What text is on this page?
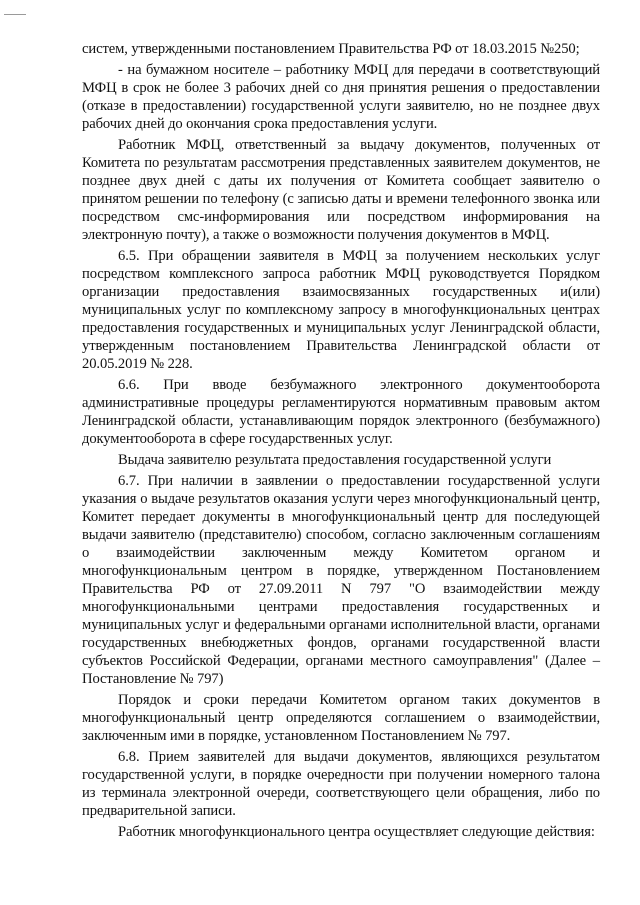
систем, утвержденными постановлением Правительства РФ от 18.03.2015 №250;

- на бумажном носителе – работнику МФЦ для передачи в соответствующий МФЦ в срок не более 3 рабочих дней со дня принятия решения о предоставлении (отказе в предоставлении) государственной услуги заявителю, но не позднее двух рабочих дней до окончания срока предоставления услуги.

Работник МФЦ, ответственный за выдачу документов, полученных от Комитета по результатам рассмотрения представленных заявителем документов, не позднее двух дней с даты их получения от Комитета сообщает заявителю о принятом решении по телефону (с записью даты и времени телефонного звонка или посредством смс-информирования или посредством информирования на электронную почту), а также о возможности получения документов в МФЦ.

6.5. При обращении заявителя в МФЦ за получением нескольких услуг посредством комплексного запроса работник МФЦ руководствуется Порядком организации предоставления взаимосвязанных государственных и(или) муниципальных услуг по комплексному запросу в многофункциональных центрах предоставления государственных и муниципальных услуг Ленинградской области, утвержденным постановлением Правительства Ленинградской области от 20.05.2019 № 228.

6.6. При вводе безбумажного электронного документооборота административные процедуры регламентируются нормативным правовым актом Ленинградской области, устанавливающим порядок электронного (безбумажного) документооборота в сфере государственных услуг.

Выдача заявителю результата предоставления государственной услуги

6.7. При наличии в заявлении о предоставлении государственной услуги указания о выдаче результатов оказания услуги через многофункциональный центр, Комитет передает документы в многофункциональный центр для последующей выдачи заявителю (представителю) способом, согласно заключенным соглашениям о взаимодействии заключенным между Комитетом органом и многофункциональным центром в порядке, утвержденном Постановлением Правительства РФ от 27.09.2011 N 797 "О взаимодействии между многофункциональными центрами предоставления государственных и муниципальных услуг и федеральными органами исполнительной власти, органами государственных внебюджетных фондов, органами государственной власти субъектов Российской Федерации, органами местного самоуправления" (Далее – Постановление № 797)

Порядок и сроки передачи Комитетом органом таких документов в многофункциональный центр определяются соглашением о взаимодействии, заключенным ими в порядке, установленном Постановлением № 797.

6.8. Прием заявителей для выдачи документов, являющихся результатом государственной услуги, в порядке очередности при получении номерного талона из терминала электронной очереди, соответствующего цели обращения, либо по предварительной записи.

Работник многофункционального центра осуществляет следующие действия:
